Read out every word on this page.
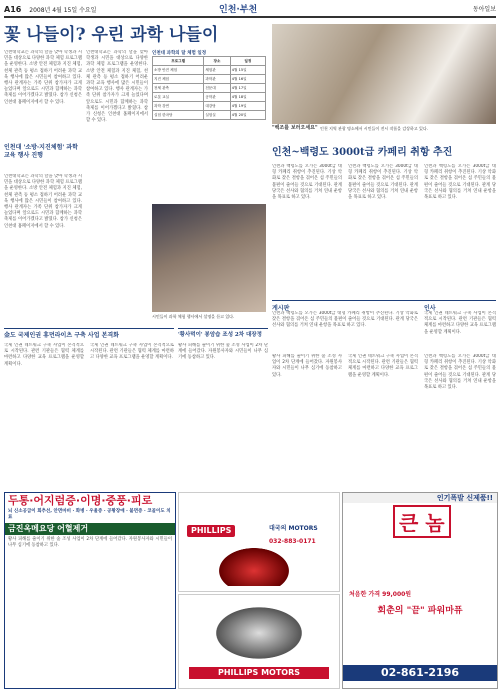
A16 2008년 4월 15일 수요일	인천·부천	동아일보
꽃 나들이? 우린 과학 나들이
인천대학교는 과학의 달을 맞아 학생과 시민을 대상으로 다양한 과학 체험 프로그램을 운영한다. 소방 안전 체험과 지진 체험, 천체 관측 등 평소 접하기 어려운 과학 교육 행사에 많은 시민들이 참여하고 있다. 행사 관계자는 가족 단위 참가자가 크게 늘었다며 앞으로도 시민과 함께하는 과학 축제를 이어가겠다고 밝혔다. 참가 신청은 인천대 홈페이지에서 할 수 있다.
인천대 '소방·지진체험' 과학 교육 행사 진행
인천대학교는 과학의 달을 맞아 학생과 시민을 대상으로 다양한 과학 체험 프로그램을 운영한다. 소방 안전 체험과 지진 체험, 천체 관측 등 평소 접하기 어려운 과학 교육 행사에 많은 시민들이 참여하고 있다. 행사 관계자는 가족 단위 참가자가 크게 늘었다며 앞으로도 시민과 함께하는 과학 축제를 이어가겠다고 밝혔다. 참가 신청은 인천대 홈페이지에서 할 수 있다.
인천대학교는 과학의 달을 맞아 학생과 시민을 대상으로 다양한 과학 체험 프로그램을 운영한다. 소방 안전 체험과 지진 체험, 천체 관측 등 평소 접하기 어려운 과학 교육 행사에 많은 시민들이 참여하고 있다. 행사 관계자는 가족 단위 참가자가 크게 늘었다며 앞으로도 시민과 함께하는 과학 축제를 이어가겠다고 밝혔다. 참가 신청은 인천대 홈페이지에서 할 수 있다.
인천대 과학의 달 체험 일정
프로그램	장소	일정
소방 안전 체험	체험관	4월 15일
지진 체험	과학관	4월 16일
천체 관측	천문대	4월 17일
로봇 교실	공학관	4월 18일
과학 강연	대강당	4월 19일
실험 한마당	실험실	4월 20일
시민들이 과학 체험 행사에서 설명을 듣고 있다.
"백조를 보러오세요" 인천 지역 관광 명소에서 시민들이 전시 작품을 감상하고 있다.
인천~백령도 3000t급 카페리 취항 추진
인천과 백령도를 오가는 3000t급 대형 카페리 취항이 추진된다. 기상 악화로 잦은 결항을 겪어온 섬 주민들의 불편이 줄어들 것으로 기대된다. 관계 당국은 선사와 협의를 거쳐 연내 운항을 목표로 하고 있다.
인천과 백령도를 오가는 3000t급 대형 카페리 취항이 추진된다. 기상 악화로 잦은 결항을 겪어온 섬 주민들의 불편이 줄어들 것으로 기대된다. 관계 당국은 선사와 협의를 거쳐 연내 운항을 목표로 하고 있다.
인천과 백령도를 오가는 3000t급 대형 카페리 취항이 추진된다. 기상 악화로 잦은 결항을 겪어온 섬 주민들의 불편이 줄어들 것으로 기대된다. 관계 당국은 선사와 협의를 거쳐 연내 운항을 목표로 하고 있다.
게시판	인사
인천과 백령도를 오가는 3000t급 대형 카페리 취항이 추진된다. 기상 악화로 잦은 결항을 겪어온 섬 주민들의 불편이 줄어들 것으로 기대된다. 관계 당국은 선사와 협의를 거쳐 연내 운항을 목표로 하고 있다.
국제 인권 네트워크 구축 사업이 본격적으로 시작된다. 관련 기관들은 협력 체계를 마련하고 다양한 교육 프로그램을 운영할 계획이다.
金도 국제인권 휴먼라이츠 구축 사업 본격화
국제 인권 네트워크 구축 사업이 본격적으로 시작된다. 관련 기관들은 협력 체계를 마련하고 다양한 교육 프로그램을 운영할 계획이다.
국제 인권 네트워크 구축 사업이 본격적으로 시작된다. 관련 기관들은 협력 체계를 마련하고 다양한 교육 프로그램을 운영할 계획이다.
'황사먹이' 봉암습 조성 2차 대장정
황사 피해를 줄이기 위한 숲 조성 사업이 2차 단계에 들어갔다. 자원봉사자와 시민들이 나무 심기에 동참하고 있다.	황사 피해를 줄이기 위한 숲 조성 사업이 2차 단계에 들어갔다. 자원봉사자와 시민들이 나무 심기에 동참하고 있다.
국제 인권 네트워크 구축 사업이 본격적으로 시작된다. 관련 기관들은 협력 체계를 마련하고 다양한 교육 프로그램을 운영할 계획이다.
인천과 백령도를 오가는 3000t급 대형 카페리 취항이 추진된다. 기상 악화로 잦은 결항을 겪어온 섬 주민들의 불편이 줄어들 것으로 기대된다. 관계 당국은 선사와 협의를 거쳐 연내 운항을 목표로 하고 있다.
두통·어지럼증·이명·중풍·피로
뇌 신소공급이 회추선, 안면마비 · 화병 · 우울증 · 공황장애 · 불면증 · 코골이도 치료
금진옥메요당 어혈제거
황사 피해를 줄이기 위한 숲 조성 사업이 2차 단계에 들어갔다. 자원봉사자와 시민들이 나무 심기에 동참하고 있다.
PHILLIPS	대국의 MOTORS
032-883-0171
PHILLIPS MOTORS
인기폭발 신제품!!
큰 놈
처음한 가격 99,000원
회춘의 "끝" 파워마퓨
02-861-2196
